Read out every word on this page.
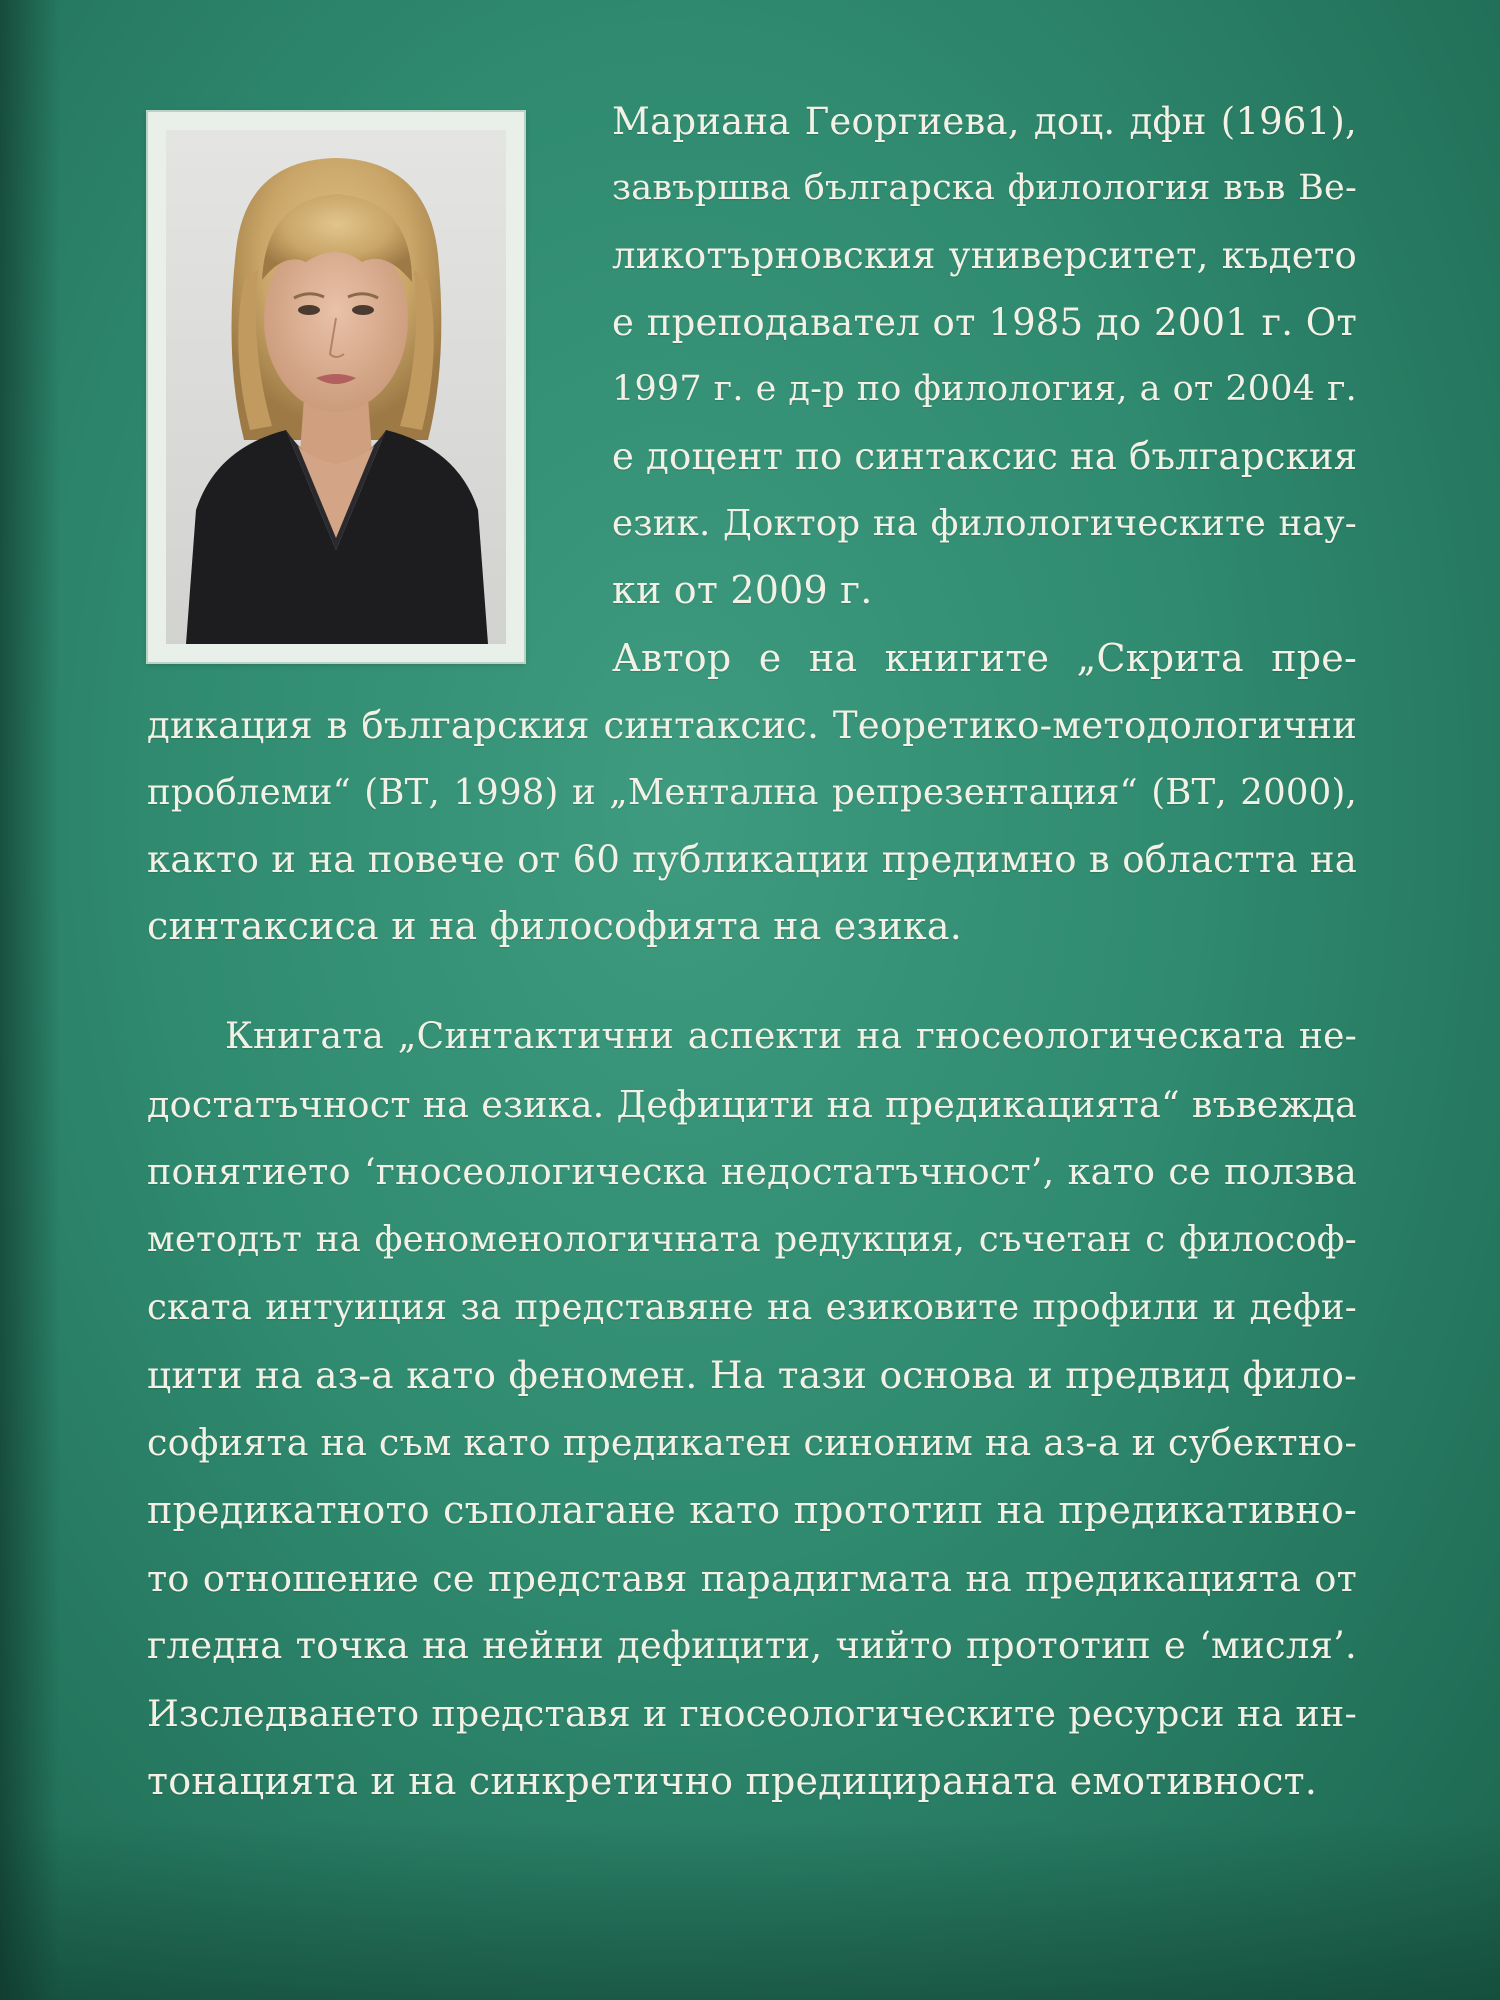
Мариана Георгиева, доц. дфн (1961),
завършва българска филология във Ве-
ликотърновския университет, където
е преподавател от 1985 до 2001 г. От
1997 г. е д-р по филология, а от 2004 г.
е доцент по синтаксис на българския
език. Доктор на филологическите нау-
ки от 2009 г.
Автор е на книгите „Скрита пре-
дикация в българския синтаксис. Теоретико-методологични
проблеми“ (ВТ, 1998) и „Ментална репрезентация“ (ВТ, 2000),
както и на повече от 60 публикации предимно в областта на
синтаксиса и на философията на езика.
Книгата „Синтактични аспекти на гносеологическата не-
достатъчност на езика. Дефицити на предикацията“ въвежда
понятието ‘гносеологическа недостатъчност’, като се ползва
методът на феноменологичната редукция, съчетан с философ-
ската интуиция за представяне на езиковите профили и дефи-
цити на аз-а като феномен. На тази основа и предвид фило-
софията на съм като предикатен синоним на аз-а и субектно-
предикатното съполагане като прототип на предикативно-
то отношение се представя парадигмата на предикацията от
гледна точка на нейни дефицити, чийто прототип е ‘мисля’.
Изследването представя и гносеологическите ресурси на ин-
тонацията и на синкретично предицираната емотивност.
